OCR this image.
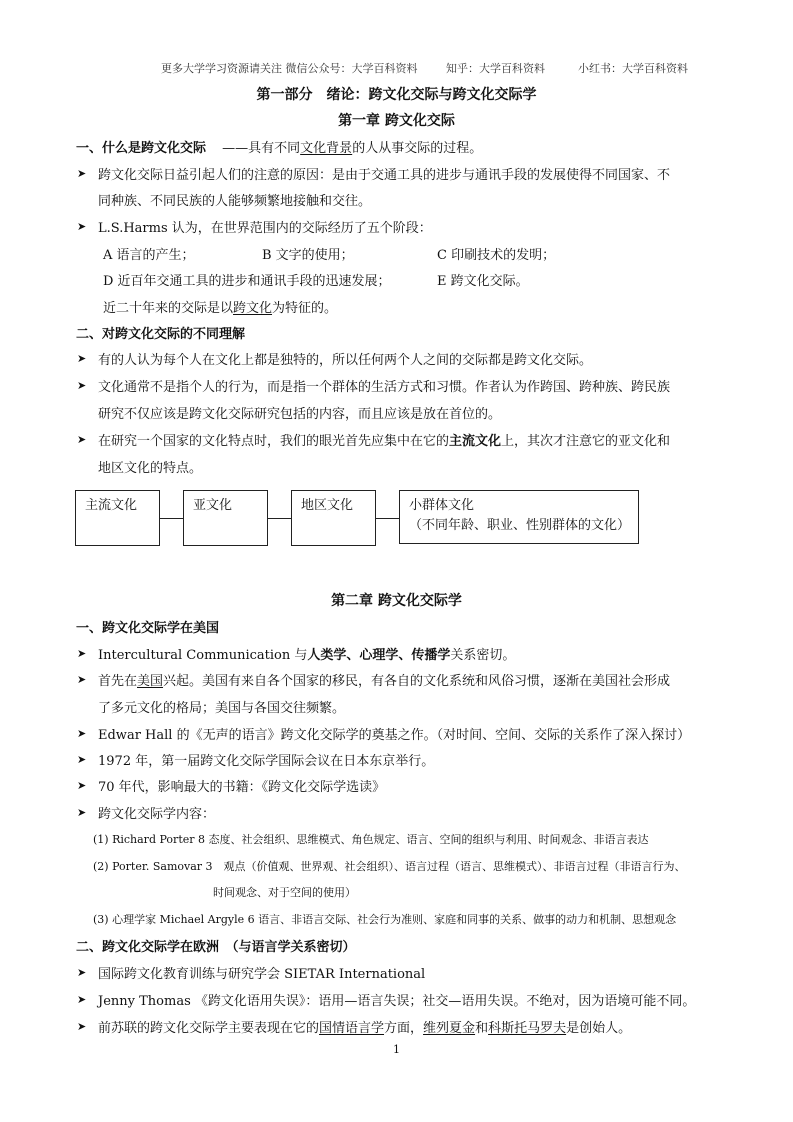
更多大学学习资源请关注 微信公众号：大学百科资料	知乎：大学百科资料	小红书：大学百科资料
第一部分　绪论：跨文化交际与跨文化交际学
第一章 跨文化交际
一、什么是跨文化交际 ——具有不同文化背景的人从事交际的过程。
➤ 跨文化交际日益引起人们的注意的原因：是由于交通工具的进步与通讯手段的发展使得不同国家、不
同种族、不同民族的人能够频繁地接触和交往。
➤ L.S.Harms 认为，在世界范围内的交际经历了五个阶段：
A 语言的产生；	B 文字的使用；	C 印刷技术的发明；
D 近百年交通工具的进步和通讯手段的迅速发展；	E 跨文化交际。
近二十年来的交际是以跨文化为特征的。
二、对跨文化交际的不同理解
➤ 有的人认为每个人在文化上都是独特的，所以任何两个人之间的交际都是跨文化交际。
➤ 文化通常不是指个人的行为，而是指一个群体的生活方式和习惯。作者认为作跨国、跨种族、跨民族
研究不仅应该是跨文化交际研究包括的内容，而且应该是放在首位的。
➤ 在研究一个国家的文化特点时，我们的眼光首先应集中在它的主流文化上，其次才注意它的亚文化和
地区文化的特点。
主流文化	亚文化	地区文化	小群体文化
（不同年龄、职业、性别群体的文化）
第二章 跨文化交际学
一、跨文化交际学在美国
➤ Intercultural Communication 与人类学、心理学、传播学关系密切。
➤ 首先在美国兴起。美国有来自各个国家的移民，有各自的文化系统和风俗习惯，逐渐在美国社会形成
了多元文化的格局；美国与各国交往频繁。
➤ Edwar Hall 的《无声的语言》跨文化交际学的奠基之作。（对时间、空间、交际的关系作了深入探讨）
➤ 1972 年，第一届跨文化交际学国际会议在日本东京举行。
➤ 70 年代，影响最大的书籍：《跨文化交际学选读》
➤ 跨文化交际学内容：
(1) Richard Porter 8 态度、社会组织、思维模式、角色规定、语言、空间的组织与利用、时间观念、非语言表达
(2) Porter. Samovar 3　观点（价值观、世界观、社会组织）、语言过程（语言、思维模式）、非语言过程（非语言行为、
时间观念、对于空间的使用）
(3) 心理学家 Michael Argyle 6 语言、非语言交际、社会行为准则、家庭和同事的关系、做事的动力和机制、思想观念
二、跨文化交际学在欧洲　（与语言学关系密切）
➤ 国际跨文化教育训练与研究学会 SIETAR International
➤ Jenny Thomas 《跨文化语用失误》：语用—语言失误；社交—语用失误。不绝对，因为语境可能不同。
➤ 前苏联的跨文化交际学主要表现在它的国情语言学方面，维列夏金和科斯托马罗夫是创始人。
1
